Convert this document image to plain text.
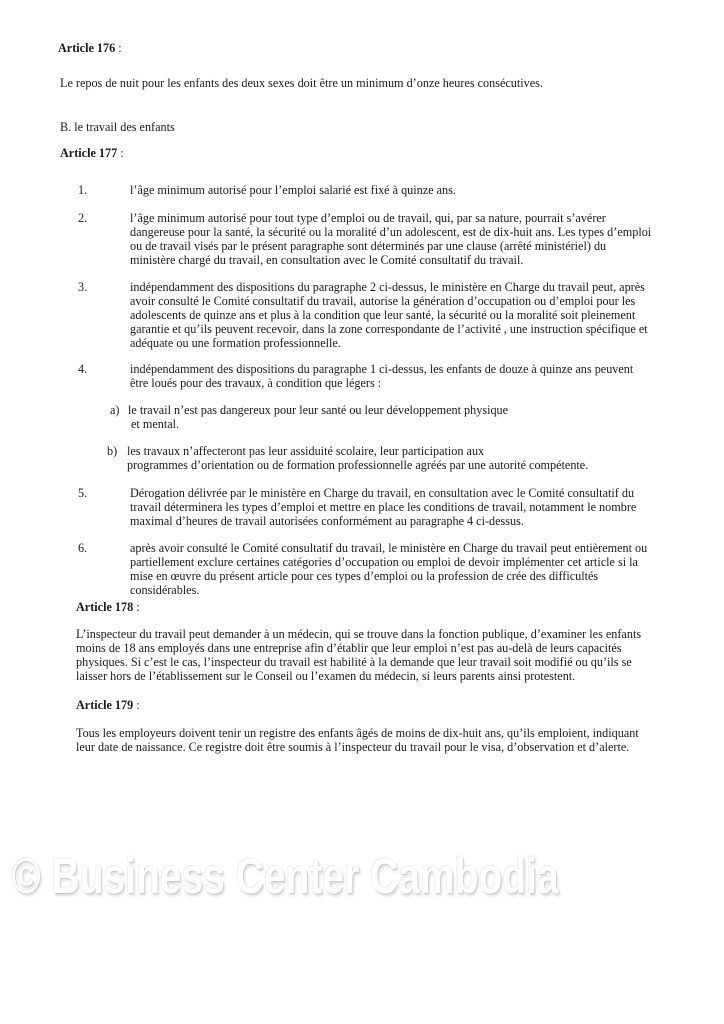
Article 176 :
Le repos de nuit pour les enfants des deux sexes doit être un minimum d’onze heures consécutives.
B. le travail des enfants
Article 177 :
1.	l’âge minimum autorisé pour l’emploi salarié est fixé à quinze ans.
2.	l’âge minimum autorisé pour tout type d’emploi ou de travail, qui, par sa nature, pourrait s’avérer
dangereuse pour la santé, la sécurité ou la moralité d’un adolescent, est de dix-huit ans. Les types d’emploi
ou de travail visés par le présent paragraphe sont déterminés par une clause (arrêté ministériel) du
ministère chargé du travail, en consultation avec le Comité consultatif du travail.
3.	indépendamment des dispositions du paragraphe 2 ci-dessus, le ministère en Charge du travail peut, après
avoir consulté le Comité consultatif du travail, autorise la génération d’occupation ou d’emploi pour les
adolescents de quinze ans et plus à la condition que leur santé, la sécurité ou la moralité soit pleinement
garantie et qu’ils peuvent recevoir, dans la zone correspondante de l’activité , une instruction spécifique et
adéquate ou une formation professionnelle.
4.	indépendamment des dispositions du paragraphe 1 ci-dessus, les enfants de douze à quinze ans peuvent
être loués pour des travaux, à condition que légers :
a) le travail n’est pas dangereux pour leur santé ou leur développement physique
et mental.
b) les travaux n’affecteront pas leur assiduité scolaire, leur participation aux
programmes d’orientation ou de formation professionnelle agréés par une autorité compétente.
5.	Dérogation délivrée par le ministère en Charge du travail, en consultation avec le Comité consultatif du
travail déterminera les types d’emploi et mettre en place les conditions de travail, notamment le nombre
maximal d’heures de travail autorisées conformément au paragraphe 4 ci-dessus.
6.	après avoir consulté le Comité consultatif du travail, le ministère en Charge du travail peut entièrement ou
partiellement exclure certaines catégories d’occupation ou emploi de devoir implémenter cet article si la
mise en œuvre du présent article pour ces types d’emploi ou la profession de crée des difficultés
considérables.
Article 178 :
L’inspecteur du travail peut demander à un médecin, qui se trouve dans la fonction publique, d’examiner les enfants
moins de 18 ans employés dans une entreprise afin d’établir que leur emploi n’est pas au-delà de leurs capacités
physiques. Si c’est le cas, l’inspecteur du travail est habilité à la demande que leur travail soit modifié ou qu’ils se
laisser hors de l’établissement sur le Conseil ou l’examen du médecin, si leurs parents ainsi protestent.
Article 179 :
Tous les employeurs doivent tenir un registre des enfants âgés de moins de dix-huit ans, qu’ils emploient, indiquant
leur date de naissance. Ce registre doit être soumis à l’inspecteur du travail pour le visa, d’observation et d’alerte.
© Business Center Cambodia
